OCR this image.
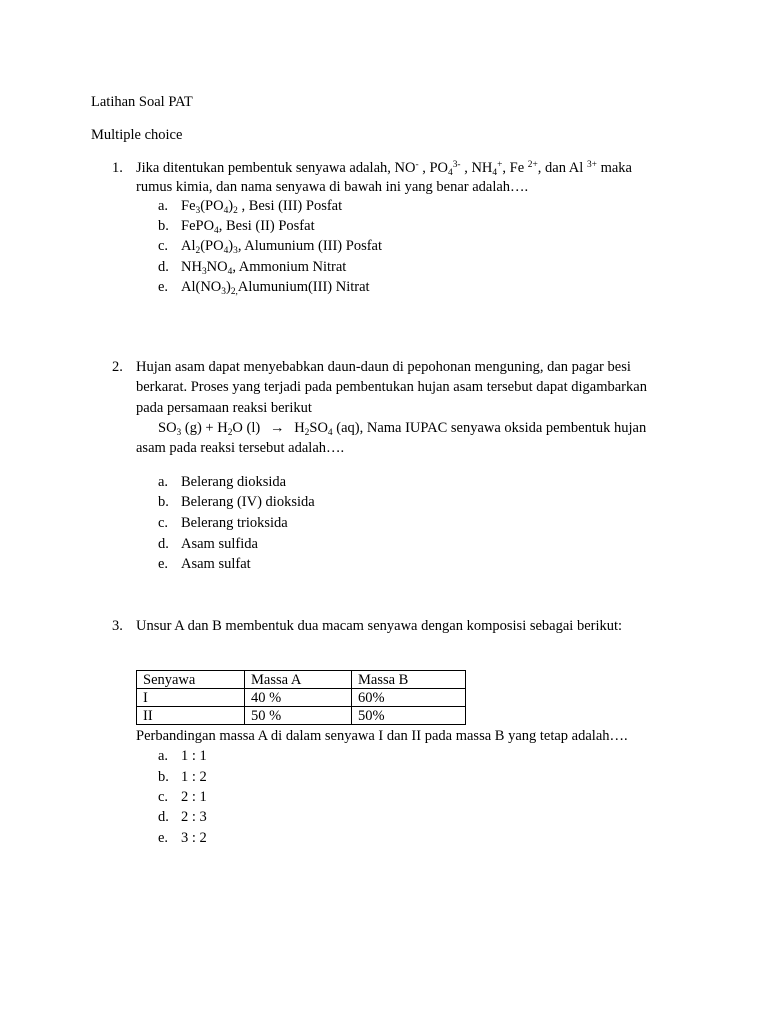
Latihan Soal PAT
Multiple choice
1. Jika ditentukan pembentuk senyawa adalah, NO- , $PO_4^{3-}$ , $NH_4^+$, Fe $^{2+}$, dan Al $^{3+}$ maka
rumus kimia, dan nama senyawa di bawah ini yang benar adalah….
a. $Fe_3(PO_4)_2$ , Besi (III) Posfat
b. FePO$_4$, Besi (II) Posfat
c. $Al_2(PO_4)_3$, Alumunium (III) Posfat
d. $NH_3NO_4$, Ammonium Nitrat
e. $Al(NO_3)_{2,}Alumunium(III)$ Nitrat
2. Hujan asam dapat menyebabkan daun-daun di pepohonan menguning, dan pagar besi
berkarat. Proses yang terjadi pada pembentukan hujan asam tersebut dapat digambarkan
pada persamaan reaksi berikut
$SO_3$ $(g) + H_2O$ $(l) \to H_2SO_4$ (aq), Nama IUPAC senyawa oksida pembentuk hujan
asam pada reaksi tersebut adalah….
a. Belerang dioksida
b. Belerang (IV) dioksida
c. Belerang trioksida
d. Asam sulfida
e. Asam sulfat
3. Unsur A dan B membentuk dua macam senyawa dengan komposisi sebagai berikut:
Senyawa	Massa A	Massa B
I	40 %	60%
II	50 %	50%
Perbandingan massa A di dalam senyawa I dan II pada massa B yang tetap adalah….
a. 1 : 1
b. 1 : 2
c. 2 : 1
d. 2 : 3
e. 3 : 2
